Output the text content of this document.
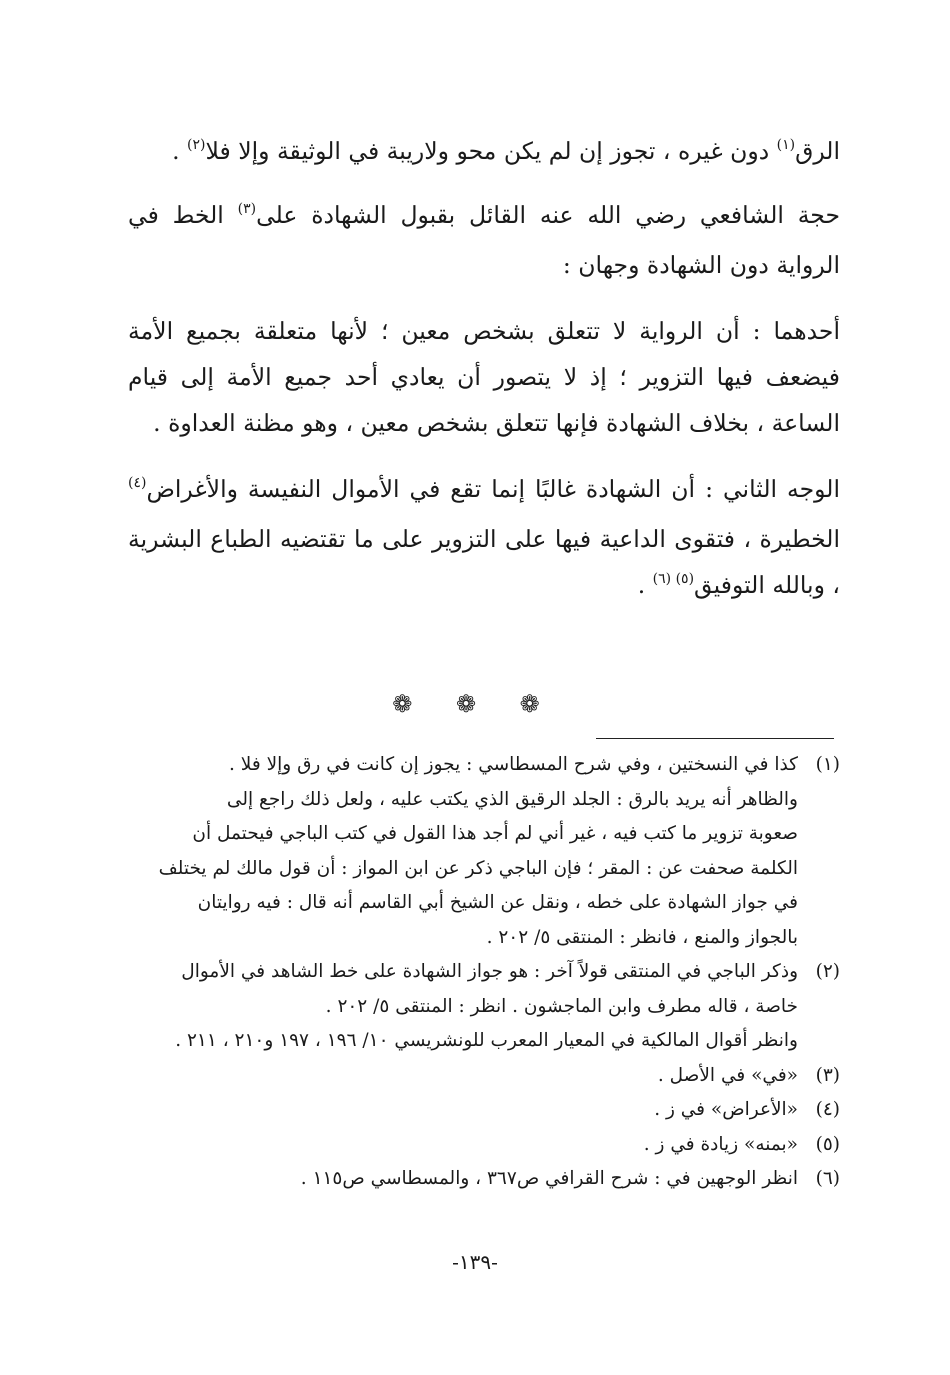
الرق$^{(١)}$ دون غيره ، تجوز إن لم يكن محو ولاريبة في الوثيقة وإلا فلا$^{(٢)}$ .

حجة الشافعي رضي الله عنه القائل بقبول الشهادة على$^{(٣)}$ الخط في الرواية دون الشهادة وجهان :

أحدهما : أن الرواية لا تتعلق بشخص معين ؛ لأنها متعلقة بجميع الأمة فيضعف فيها التزوير ؛ إذ لا يتصور أن يعادي أحد جميع الأمة إلى قيام الساعة ، بخلاف الشهادة فإنها تتعلق بشخص معين ، وهو مظنة العداوة .

الوجه الثاني : أن الشهادة غالبًا إنما تقع في الأموال النفيسة والأغراض$^{(٤)}$ الخطيرة ، فتقوى الداعية فيها على التزوير على ما تقتضيه الطباع البشرية ، وبالله التوفيق$^{(٥) (٦)}$ .

❁ ❁ ❁
(١)
كذا في النسختين ، وفي شرح المسطاسي : يجوز إن كانت في رق وإلا فلا .
والظاهر أنه يريد بالرق : الجلد الرقيق الذي يكتب عليه ، ولعل ذلك راجع إلى
صعوبة تزوير ما كتب فيه ، غير أني لم أجد هذا القول في كتب الباجي فيحتمل أن
الكلمة صحفت عن : المقر ؛ فإن الباجي ذكر عن ابن المواز : أن قول مالك لم يختلف
في جواز الشهادة على خطه ، ونقل عن الشيخ أبي القاسم أنه قال : فيه روايتان
بالجواز والمنع ، فانظر : المنتقى ٥/ ٢٠٢ .
(٢)
وذكر الباجي في المنتقى قولاً آخر : هو جواز الشهادة على خط الشاهد في الأموال
خاصة ، قاله مطرف وابن الماجشون . انظر : المنتقى ٥/ ٢٠٢ .
وانظر أقوال المالكية في المعيار المعرب للونشريسي ١٠/ ١٩٦ ، ١٩٧ و٢١٠ ، ٢١١ .
(٣)
«في» في الأصل .
(٤)
«الأعراض» في ز .
(٥)
«بمنه» زيادة في ز .
(٦)
انظر الوجهين في : شرح القرافي ص٣٦٧ ، والمسطاسي ص١١٥ .
-١٣٩-
